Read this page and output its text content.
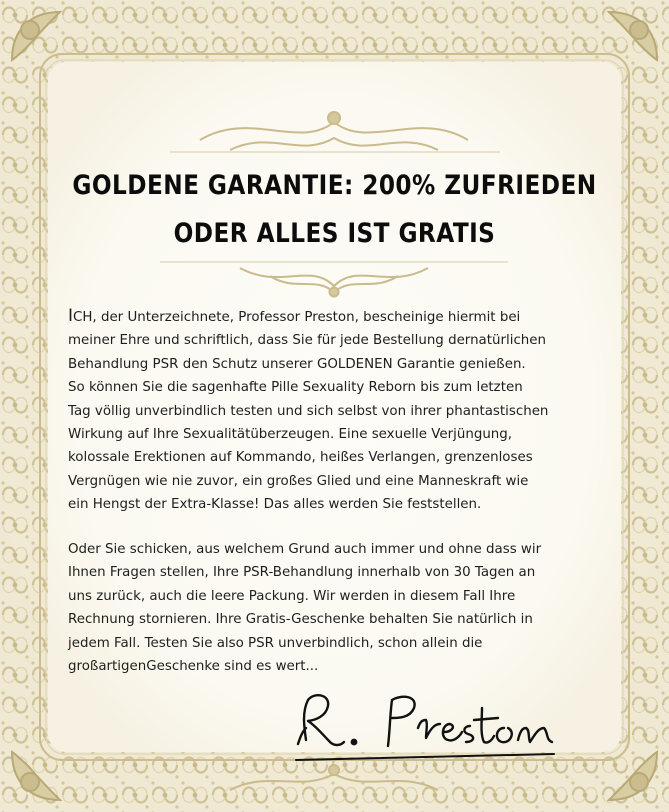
GOLDENE GARANTIE: 200% ZUFRIEDEN
ODER ALLES IST GRATIS

ICH, der Unterzeichnete, Professor Preston, bescheinige hiermit bei
meiner Ehre und schriftlich, dass Sie für jede Bestellung dernatürlichen
Behandlung PSR den Schutz unserer GOLDENEN Garantie genießen.
So können Sie die sagenhafte Pille Sexuality Reborn bis zum letzten
Tag völlig unverbindlich testen und sich selbst von ihrer phantastischen
Wirkung auf Ihre Sexualitätüberzeugen. Eine sexuelle Verjüngung,
kolossale Erektionen auf Kommando, heißes Verlangen, grenzenloses
Vergnügen wie nie zuvor, ein großes Glied und eine Manneskraft wie
ein Hengst der Extra-Klasse! Das alles werden Sie feststellen.

Oder Sie schicken, aus welchem Grund auch immer und ohne dass wir
Ihnen Fragen stellen, Ihre PSR-Behandlung innerhalb von 30 Tagen an
uns zurück, auch die leere Packung. Wir werden in diesem Fall Ihre
Rechnung stornieren. Ihre Gratis-Geschenke behalten Sie natürlich in
jedem Fall. Testen Sie also PSR unverbindlich, schon allein die
großartigenGeschenke sind es wert...
